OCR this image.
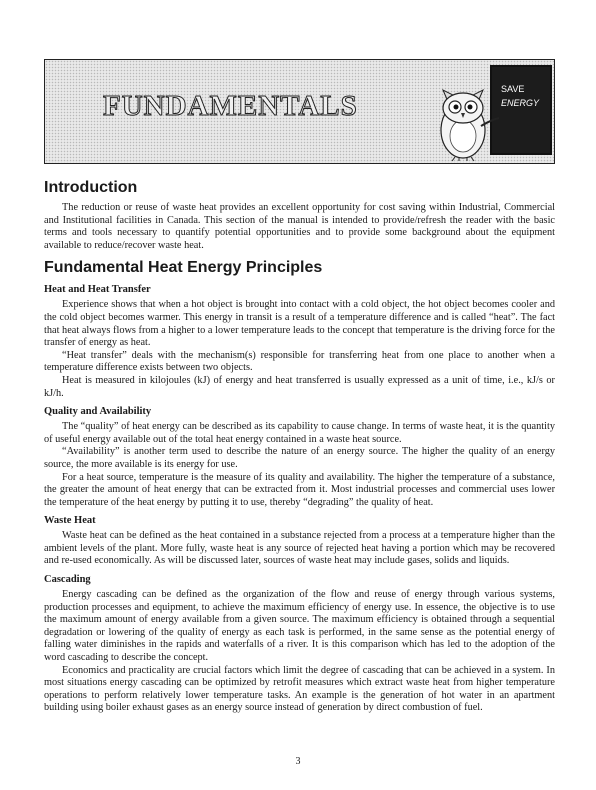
FUNDAMENTALS
SAVE
ENERGY
Introduction

The reduction or reuse of waste heat provides an excellent opportunity for cost saving within Industrial, Commercial and Institutional facilities in Canada. This section of the manual is intended to provide/refresh the reader with the basic terms and tools necessary to quantify potential opportunities and to provide some background about the equipment available to reduce/recover waste heat.

Fundamental Heat Energy Principles
Heat and Heat Transfer

Experience shows that when a hot object is brought into contact with a cold object, the hot object becomes cooler and the cold object becomes warmer. This energy in transit is a result of a temperature difference and is called “heat”. The fact that heat always flows from a higher to a lower temperature leads to the concept that temperature is the driving force for the transfer of energy as heat.

“Heat transfer” deals with the mechanism(s) responsible for transferring heat from one place to another when a temperature difference exists between two objects.

Heat is measured in kilojoules (kJ) of energy and heat transferred is usually expressed as a unit of time, i.e., kJ/s or kJ/h.

Quality and Availability

The “quality” of heat energy can be described as its capability to cause change. In terms of waste heat, it is the quantity of useful energy available out of the total heat energy contained in a waste heat source.

“Availability” is another term used to describe the nature of an energy source. The higher the quality of an energy source, the more available is its energy for use.

For a heat source, temperature is the measure of its quality and availability. The higher the temperature of a substance, the greater the amount of heat energy that can be extracted from it. Most industrial processes and commercial uses lower the temperature of the heat energy by putting it to use, thereby “degrading” the quality of heat.

Waste Heat

Waste heat can be defined as the heat contained in a substance rejected from a process at a temperature higher than the ambient levels of the plant. More fully, waste heat is any source of rejected heat having a portion which may be recovered and re-used economically. As will be discussed later, sources of waste heat may include gases, solids and liquids.

Cascading

Energy cascading can be defined as the organization of the flow and reuse of energy through various systems, production processes and equipment, to achieve the maximum efficiency of energy use. In essence, the objective is to use the maximum amount of energy available from a given source. The maximum efficiency is obtained through a sequential degradation or lowering of the quality of energy as each task is performed, in the same sense as the potential energy of falling water diminishes in the rapids and waterfalls of a river. It is this comparison which has led to the adoption of the word cascading to describe the concept.

Economics and practicality are crucial factors which limit the degree of cascading that can be achieved in a system. In most situations energy cascading can be optimized by retrofit measures which extract waste heat from higher temperature operations to perform relatively lower temperature tasks. An example is the generation of hot water in an apartment building using boiler exhaust gases as an energy source instead of generation by direct combustion of fuel.

3
